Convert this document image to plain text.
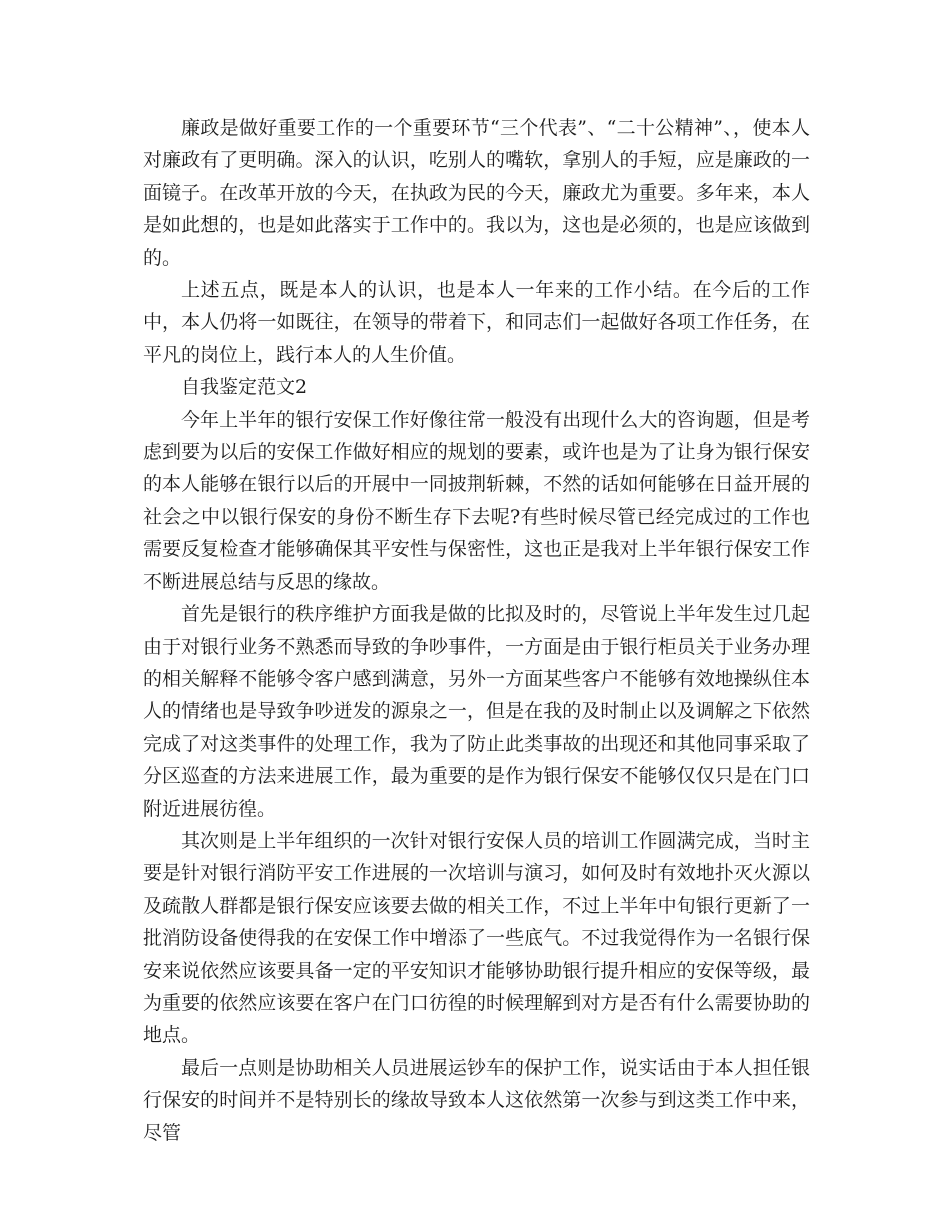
廉政是做好重要工作的一个重要环节“三个代表”、“二十公精神”、，使本人对廉政有了更明确。深入的认识，吃别人的嘴软，拿别人的手短，应是廉政的一面镜子。在改革开放的今天，在执政为民的今天，廉政尤为重要。多年来，本人是如此想的，也是如此落实于工作中的。我以为，这也是必须的，也是应该做到的。

上述五点，既是本人的认识，也是本人一年来的工作小结。在今后的工作中，本人仍将一如既往，在领导的带着下，和同志们一起做好各项工作任务，在平凡的岗位上，践行本人的人生价值。

自我鉴定范文2

今年上半年的银行安保工作好像往常一般没有出现什么大的咨询题，但是考虑到要为以后的安保工作做好相应的规划的要素，或许也是为了让身为银行保安的本人能够在银行以后的开展中一同披荆斩棘，不然的话如何能够在日益开展的社会之中以银行保安的身份不断生存下去呢?有些时候尽管已经完成过的工作也需要反复检查才能够确保其平安性与保密性，这也正是我对上半年银行保安工作不断进展总结与反思的缘故。

首先是银行的秩序维护方面我是做的比拟及时的，尽管说上半年发生过几起由于对银行业务不熟悉而导致的争吵事件，一方面是由于银行柜员关于业务办理的相关解释不能够令客户感到满意，另外一方面某些客户不能够有效地操纵住本人的情绪也是导致争吵迸发的源泉之一，但是在我的及时制止以及调解之下依然完成了对这类事件的处理工作，我为了防止此类事故的出现还和其他同事采取了分区巡查的方法来进展工作，最为重要的是作为银行保安不能够仅仅只是在门口附近进展彷徨。

其次则是上半年组织的一次针对银行安保人员的培训工作圆满完成，当时主要是针对银行消防平安工作进展的一次培训与演习，如何及时有效地扑灭火源以及疏散人群都是银行保安应该要去做的相关工作，不过上半年中旬银行更新了一批消防设备使得我的在安保工作中增添了一些底气。不过我觉得作为一名银行保安来说依然应该要具备一定的平安知识才能够协助银行提升相应的安保等级，最为重要的依然应该要在客户在门口彷徨的时候理解到对方是否有什么需要协助的地点。

最后一点则是协助相关人员进展运钞车的保护工作，说实话由于本人担任银行保安的时间并不是特别长的缘故导致本人这依然第一次参与到这类工作中来，尽管
